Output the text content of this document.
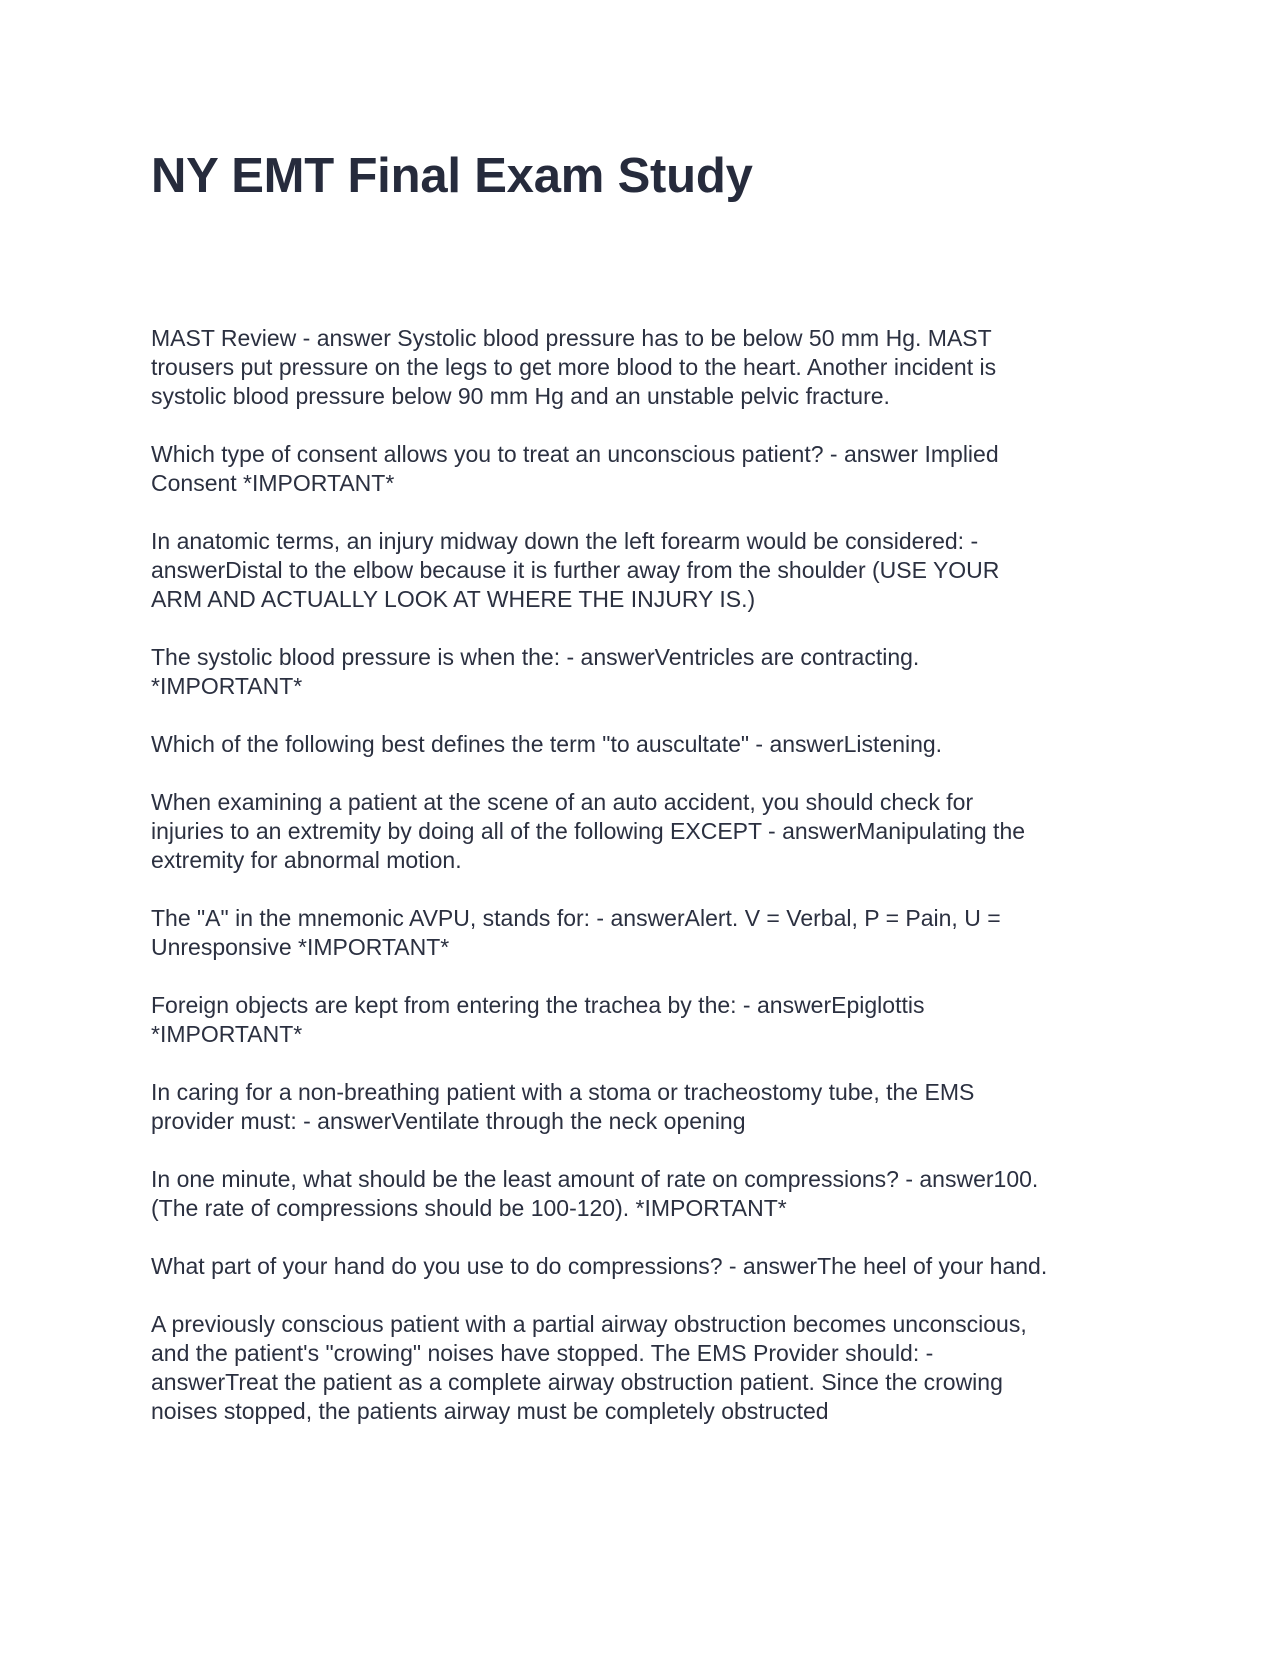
NY EMT Final Exam Study

MAST Review - answer Systolic blood pressure has to be below 50 mm Hg. MAST
trousers put pressure on the legs to get more blood to the heart. Another incident is
systolic blood pressure below 90 mm Hg and an unstable pelvic fracture.

Which type of consent allows you to treat an unconscious patient? - answer Implied
Consent *IMPORTANT*

In anatomic terms, an injury midway down the left forearm would be considered: -
answerDistal to the elbow because it is further away from the shoulder (USE YOUR
ARM AND ACTUALLY LOOK AT WHERE THE INJURY IS.)

The systolic blood pressure is when the: - answerVentricles are contracting.
*IMPORTANT*

Which of the following best defines the term "to auscultate" - answerListening.

When examining a patient at the scene of an auto accident, you should check for
injuries to an extremity by doing all of the following EXCEPT - answerManipulating the
extremity for abnormal motion.

The "A" in the mnemonic AVPU, stands for: - answerAlert. V = Verbal, P = Pain, U =
Unresponsive *IMPORTANT*

Foreign objects are kept from entering the trachea by the: - answerEpiglottis
*IMPORTANT*

In caring for a non-breathing patient with a stoma or tracheostomy tube, the EMS
provider must: - answerVentilate through the neck opening

In one minute, what should be the least amount of rate on compressions? - answer100.
(The rate of compressions should be 100-120). *IMPORTANT*

What part of your hand do you use to do compressions? - answerThe heel of your hand.

A previously conscious patient with a partial airway obstruction becomes unconscious,
and the patient's "crowing" noises have stopped. The EMS Provider should: -
answerTreat the patient as a complete airway obstruction patient. Since the crowing
noises stopped, the patients airway must be completely obstructed
